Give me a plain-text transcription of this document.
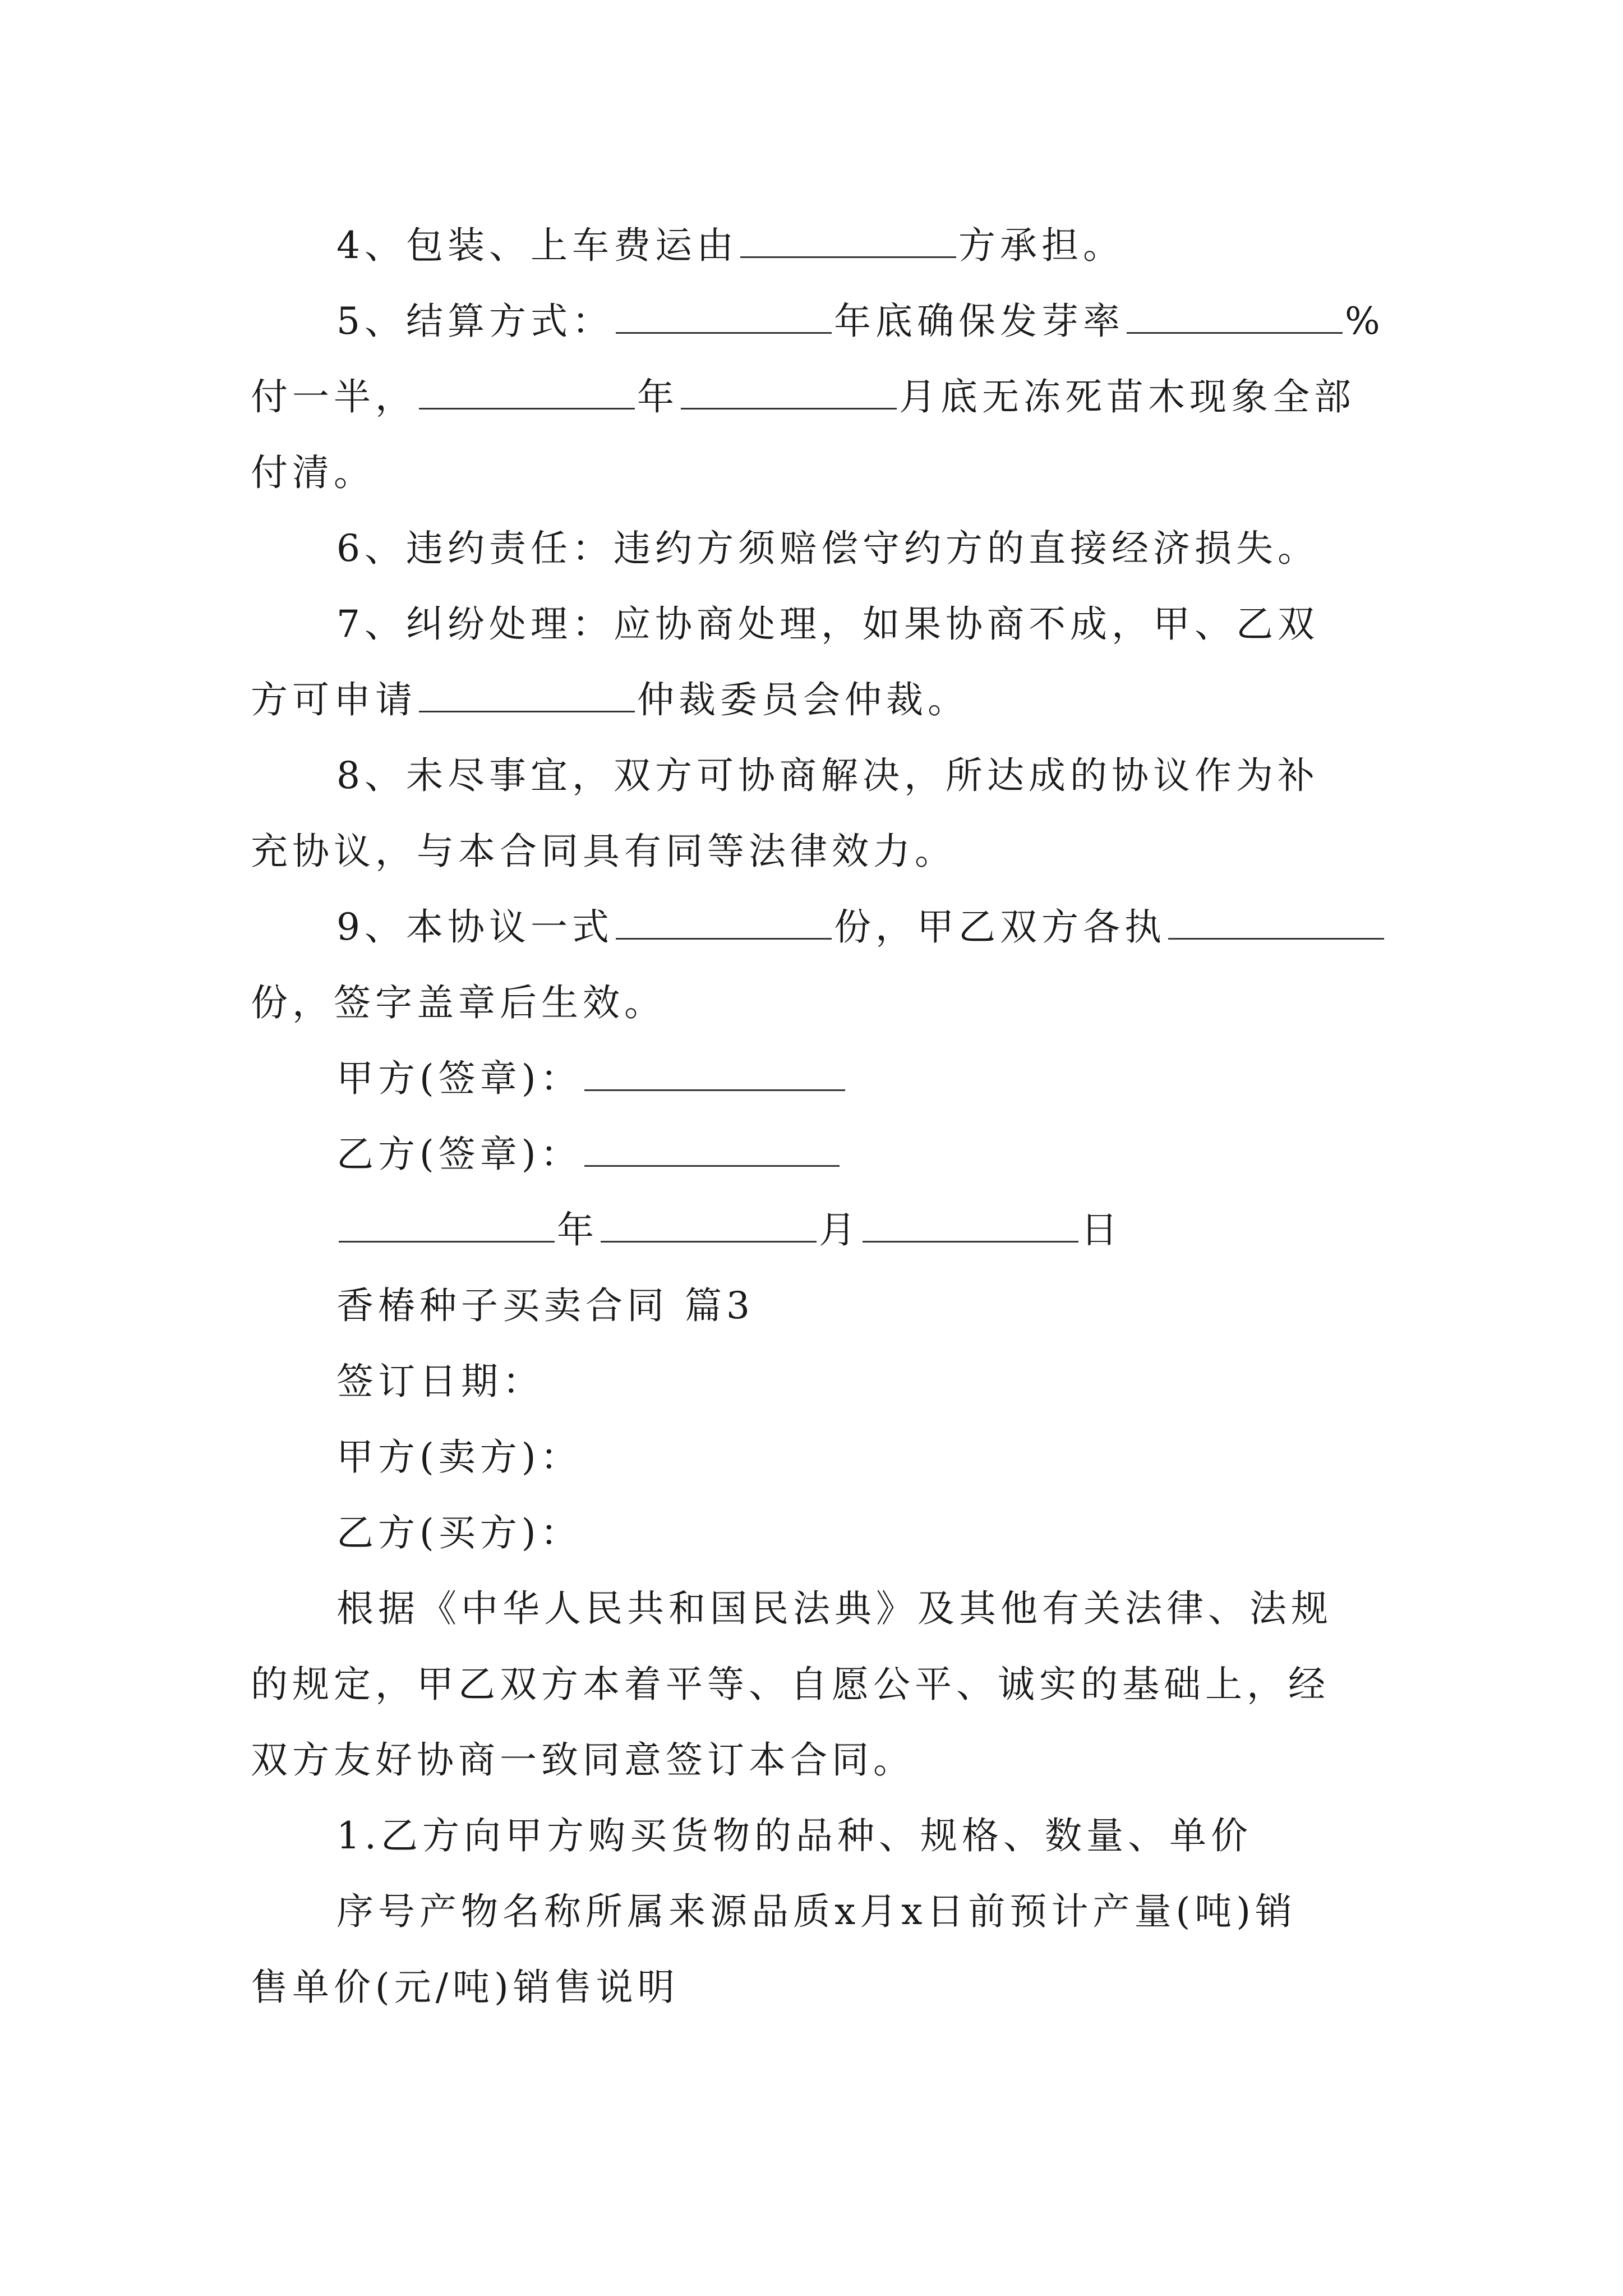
4、包装、上车费运由	方承担。
5、结算方式：	年底确保发芽率	%
付一半，	年	月底无冻死苗木现象全部
付清。
6、违约责任：违约方须赔偿守约方的直接经济损失。
7、纠纷处理：应协商处理，如果协商不成，甲、乙双
方可申请	仲裁委员会仲裁。
8、未尽事宜，双方可协商解决，所达成的协议作为补
充协议，与本合同具有同等法律效力。
9、本协议一式	份，甲乙双方各执
份，签字盖章后生效。
甲方(签章)：
乙方(签章)：
年	月	日
香椿种子买卖合同 篇3
签订日期：
甲方(卖方)：
乙方(买方)：
根据《中华人民共和国民法典》及其他有关法律、法规
的规定，甲乙双方本着平等、自愿公平、诚实的基础上，经
双方友好协商一致同意签订本合同。
1.乙方向甲方购买货物的品种、规格、数量、单价
序号产物名称所属来源品质x月x日前预计产量(吨)销
售单价(元/吨)销售说明
